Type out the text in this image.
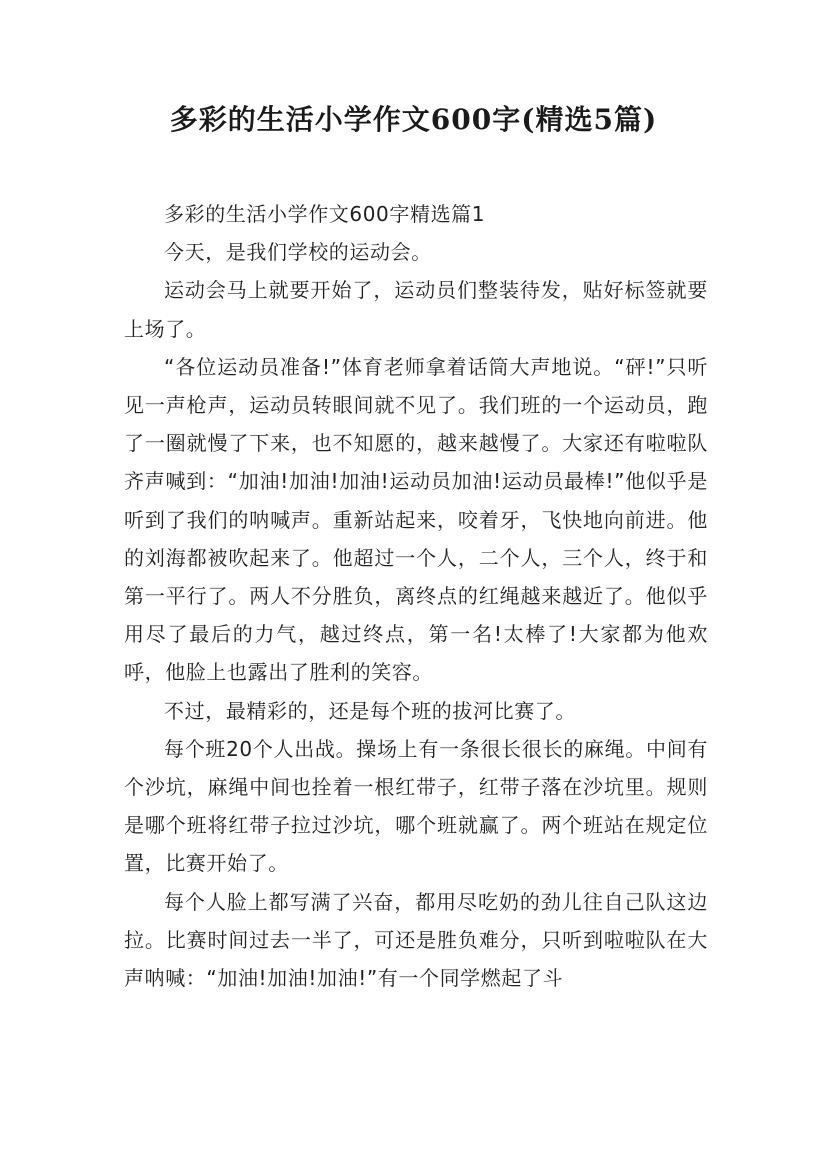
多彩的生活小学作文600字(精选5篇)

多彩的生活小学作文600字精选篇1

今天，是我们学校的运动会。

运动会马上就要开始了，运动员们整装待发，贴好标签就要上场了。

“各位运动员准备!”体育老师拿着话筒大声地说。“砰!”只听见一声枪声，运动员转眼间就不见了。我们班的一个运动员，跑了一圈就慢了下来，也不知愿的，越来越慢了。大家还有啦啦队齐声喊到：“加油!加油!加油!运动员加油!运动员最棒!”他似乎是听到了我们的呐喊声。重新站起来，咬着牙，飞快地向前进。他的刘海都被吹起来了。他超过一个人，二个人，三个人，终于和第一平行了。两人不分胜负，离终点的红绳越来越近了。他似乎用尽了最后的力气，越过终点，第一名!太棒了!大家都为他欢呼，他脸上也露出了胜利的笑容。

不过，最精彩的，还是每个班的拔河比赛了。

每个班20个人出战。操场上有一条很长很长的麻绳。中间有个沙坑，麻绳中间也拴着一根红带子，红带子落在沙坑里。规则是哪个班将红带子拉过沙坑，哪个班就赢了。两个班站在规定位置，比赛开始了。

每个人脸上都写满了兴奋，都用尽吃奶的劲儿往自己队这边拉。比赛时间过去一半了，可还是胜负难分，只听到啦啦队在大声呐喊：“加油!加油!加油!”有一个同学燃起了斗
